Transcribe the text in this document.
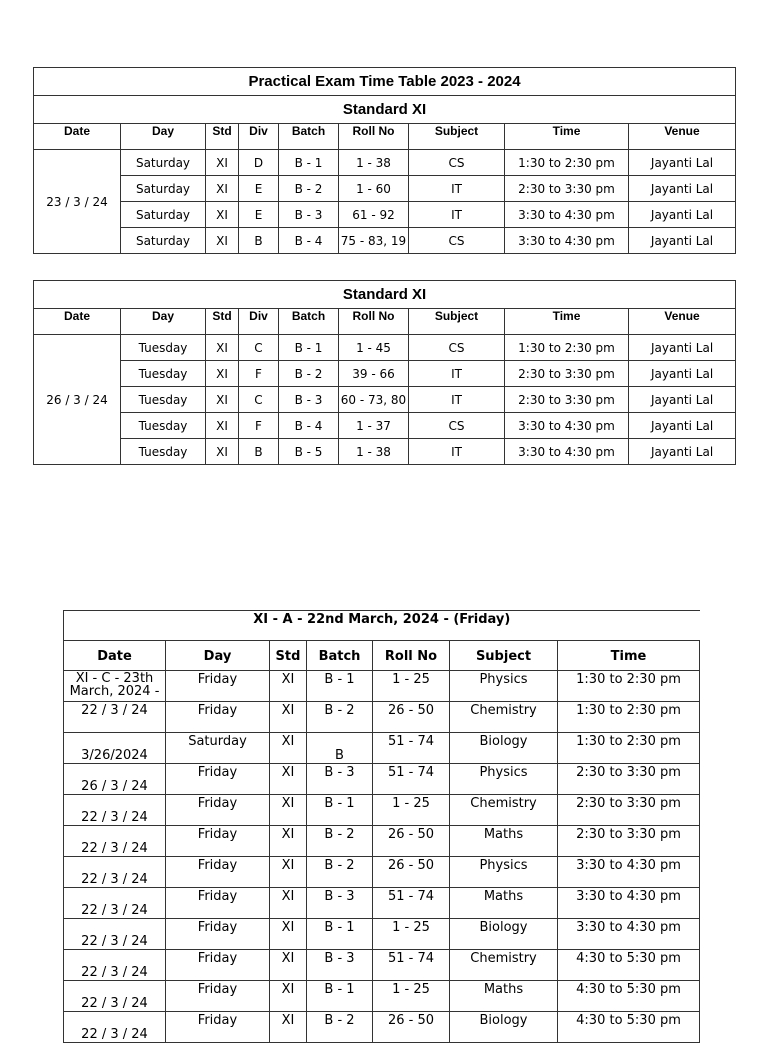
Practical Exam Time Table 2023 - 2024								
Standard XI								
Date	Day	Std	Div	Batch	Roll No	Subject	Time	Venue
23 / 3 / 24	Saturday	XI	D	B - 1	1 - 38	CS	1:30 to 2:30 pm	Jayanti Lal
	Saturday	XI	E	B - 2	1 - 60	IT	2:30 to 3:30 pm	Jayanti Lal
	Saturday	XI	E	B - 3	61 - 92	IT	3:30 to 4:30 pm	Jayanti Lal
	Saturday	XI	B	B - 4	75 - 83, 19	CS	3:30 to 4:30 pm	Jayanti Lal
Standard XI								
Date	Day	Std	Div	Batch	Roll No	Subject	Time	Venue
26 / 3 / 24	Tuesday	XI	C	B - 1	1 - 45	CS	1:30 to 2:30 pm	Jayanti Lal
	Tuesday	XI	F	B - 2	39 - 66	IT	2:30 to 3:30 pm	Jayanti Lal
	Tuesday	XI	C	B - 3	60 - 73, 80	IT	2:30 to 3:30 pm	Jayanti Lal
	Tuesday	XI	F	B - 4	1 - 37	CS	3:30 to 4:30 pm	Jayanti Lal
	Tuesday	XI	B	B - 5	1 - 38	IT	3:30 to 4:30 pm	Jayanti Lal
XI - A - 22nd March, 2024 - (Friday)						
Date	Day	Std	Batch	Roll No	Subject	Time
XI - C - 23th March, 2024 -	Friday	XI	B - 1	1 - 25	Physics	1:30 to 2:30 pm
22 / 3 / 24	Friday	XI	B - 2	26 - 50	Chemistry	1:30 to 2:30 pm
3/26/2024	Saturday	XI	B	51 - 74	Biology	1:30 to 2:30 pm
26 / 3 / 24	Friday	XI	B - 3	51 - 74	Physics	2:30 to 3:30 pm
22 / 3 / 24	Friday	XI	B - 1	1 - 25	Chemistry	2:30 to 3:30 pm
22 / 3 / 24	Friday	XI	B - 2	26 - 50	Maths	2:30 to 3:30 pm
22 / 3 / 24	Friday	XI	B - 2	26 - 50	Physics	3:30 to 4:30 pm
22 / 3 / 24	Friday	XI	B - 3	51 - 74	Maths	3:30 to 4:30 pm
22 / 3 / 24	Friday	XI	B - 1	1 - 25	Biology	3:30 to 4:30 pm
22 / 3 / 24	Friday	XI	B - 3	51 - 74	Chemistry	4:30 to 5:30 pm
22 / 3 / 24	Friday	XI	B - 1	1 - 25	Maths	4:30 to 5:30 pm
22 / 3 / 24	Friday	XI	B - 2	26 - 50	Biology	4:30 to 5:30 pm
